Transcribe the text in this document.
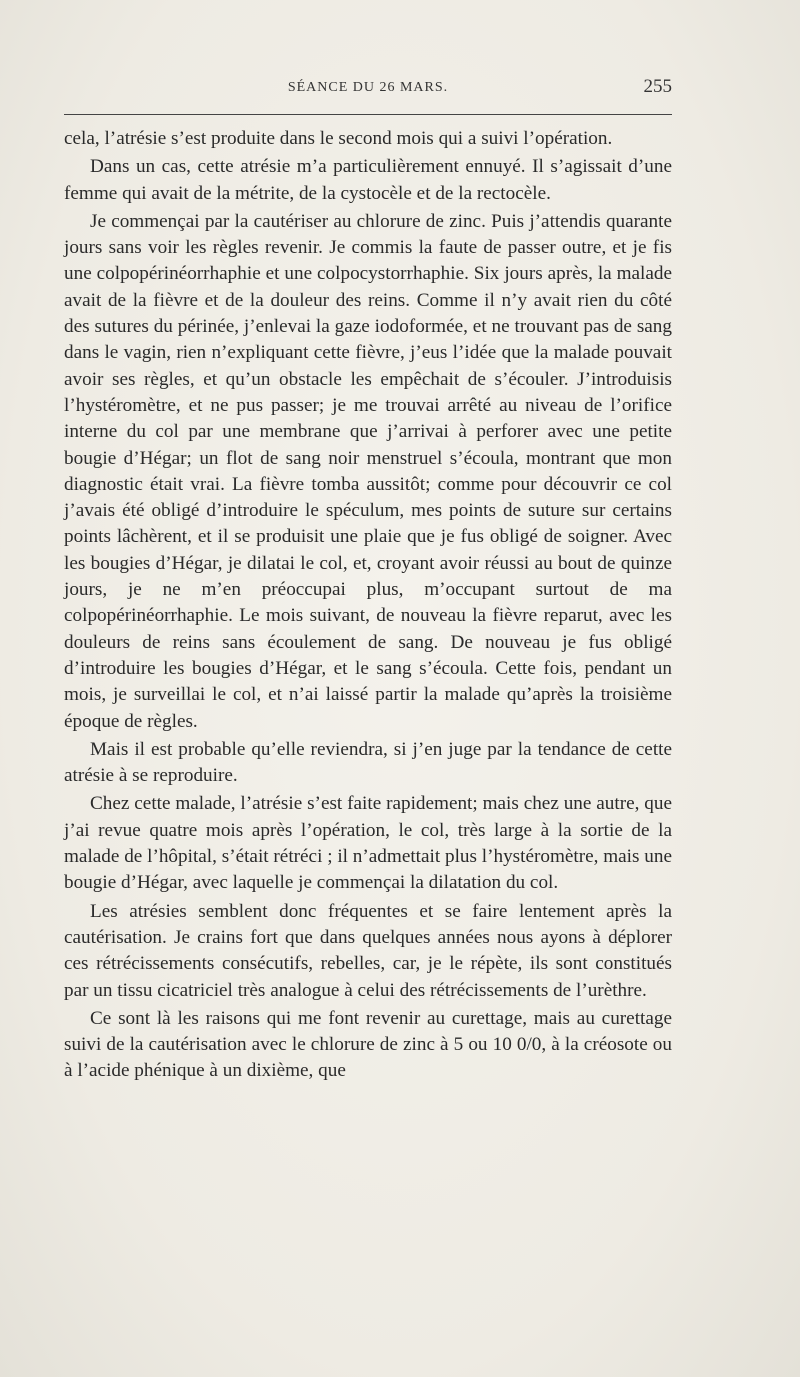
SÉANCE DU 26 MARS.	255

cela, l’atrésie s’est produite dans le second mois qui a suivi l’opération.

Dans un cas, cette atrésie m’a particulièrement ennuyé. Il s’agissait d’une femme qui avait de la métrite, de la cystocèle et de la rectocèle.

Je commençai par la cautériser au chlorure de zinc. Puis j’attendis quarante jours sans voir les règles revenir. Je commis la faute de passer outre, et je fis une colpopérinéorrhaphie et une colpocystorrhaphie. Six jours après, la malade avait de la fièvre et de la douleur des reins. Comme il n’y avait rien du côté des sutures du périnée, j’enlevai la gaze iodoformée, et ne trouvant pas de sang dans le vagin, rien n’expliquant cette fièvre, j’eus l’idée que la malade pouvait avoir ses règles, et qu’un obstacle les empêchait de s’écouler. J’introduisis l’hystéromètre, et ne pus passer; je me trouvai arrêté au niveau de l’orifice interne du col par une membrane que j’arrivai à perforer avec une petite bougie d’Hégar; un flot de sang noir menstruel s’écoula, montrant que mon diagnostic était vrai. La fièvre tomba aussitôt; comme pour découvrir ce col j’avais été obligé d’introduire le spéculum, mes points de suture sur certains points lâchèrent, et il se produisit une plaie que je fus obligé de soigner. Avec les bougies d’Hégar, je dilatai le col, et, croyant avoir réussi au bout de quinze jours, je ne m’en préoccupai plus, m’occupant surtout de ma colpopérinéorrhaphie. Le mois suivant, de nouveau la fièvre reparut, avec les douleurs de reins sans écoulement de sang. De nouveau je fus obligé d’introduire les bougies d’Hégar, et le sang s’écoula. Cette fois, pendant un mois, je surveillai le col, et n’ai laissé partir la malade qu’après la troisième époque de règles.

Mais il est probable qu’elle reviendra, si j’en juge par la tendance de cette atrésie à se reproduire.

Chez cette malade, l’atrésie s’est faite rapidement; mais chez une autre, que j’ai revue quatre mois après l’opération, le col, très large à la sortie de la malade de l’hôpital, s’était rétréci ; il n’admettait plus l’hystéromètre, mais une bougie d’Hégar, avec laquelle je commençai la dilatation du col.

Les atrésies semblent donc fréquentes et se faire lentement après la cautérisation. Je crains fort que dans quelques années nous ayons à déplorer ces rétrécissements consécutifs, rebelles, car, je le répète, ils sont constitués par un tissu cicatriciel très analogue à celui des rétrécissements de l’urèthre.

Ce sont là les raisons qui me font revenir au curettage, mais au curettage suivi de la cautérisation avec le chlorure de zinc à 5 ou 10 0/0, à la créosote ou à l’acide phénique à un dixième, que
